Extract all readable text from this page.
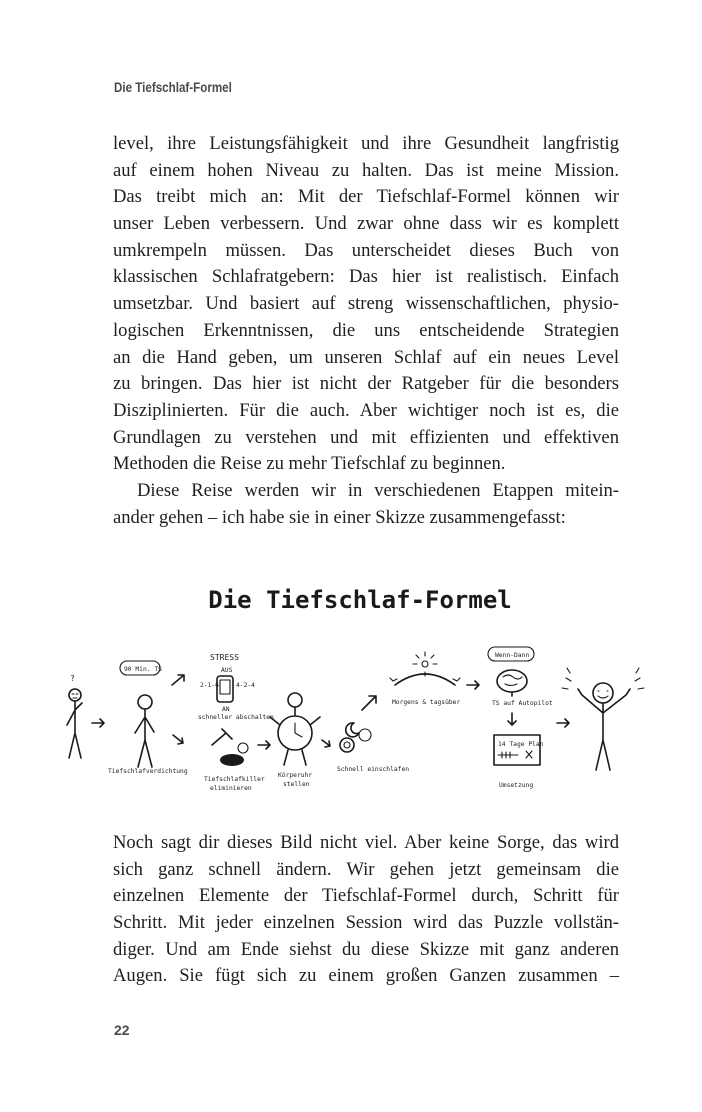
Die Tiefschlaf-Formel

level, ihre Leistungsfähigkeit und ihre Gesundheit langfristig
auf einem hohen Niveau zu halten. Das ist meine Mission.
Das treibt mich an: Mit der Tiefschlaf-Formel können wir
unser Leben verbessern. Und zwar ohne dass wir es komplett
umkrempeln müssen. Das unterscheidet dieses Buch von
klassischen Schlafratgebern: Das hier ist realistisch. Einfach
umsetzbar. Und basiert auf streng wissenschaftlichen, physio-
logischen Erkenntnissen, die uns entscheidende Strategien
an die Hand geben, um unseren Schlaf auf ein neues Level
zu bringen. Das hier ist nicht der Ratgeber für die besonders
Disziplinierten. Für die auch. Aber wichtiger noch ist es, die
Grundlagen zu verstehen und mit effizienten und effektiven
Methoden die Reise zu mehr Tiefschlaf zu beginnen.

Diese Reise werden wir in verschiedenen Etappen mitein-
ander gehen – ich habe sie in einer Skizze zusammengefasst:

Die Tiefschlaf-Formel
?
90 Min. TS
Tiefschlafverdichtung
STRESS
AUS
AN
2-1-6	4-2-4
schneller abschalten
Tiefschlafkiller
eliminieren
Körperuhr
stellen
Schnell einschlafen
Morgens & tagsüber
Wenn-Dann
TS auf Autopilot
14 Tage Plan
Umsetzung

Noch sagt dir dieses Bild nicht viel. Aber keine Sorge, das wird
sich ganz schnell ändern. Wir gehen jetzt gemeinsam die
einzelnen Elemente der Tiefschlaf-Formel durch, Schritt für
Schritt. Mit jeder einzelnen Session wird das Puzzle vollstän-
diger. Und am Ende siehst du diese Skizze mit ganz anderen
Augen. Sie fügt sich zu einem großen Ganzen zusammen –

22
